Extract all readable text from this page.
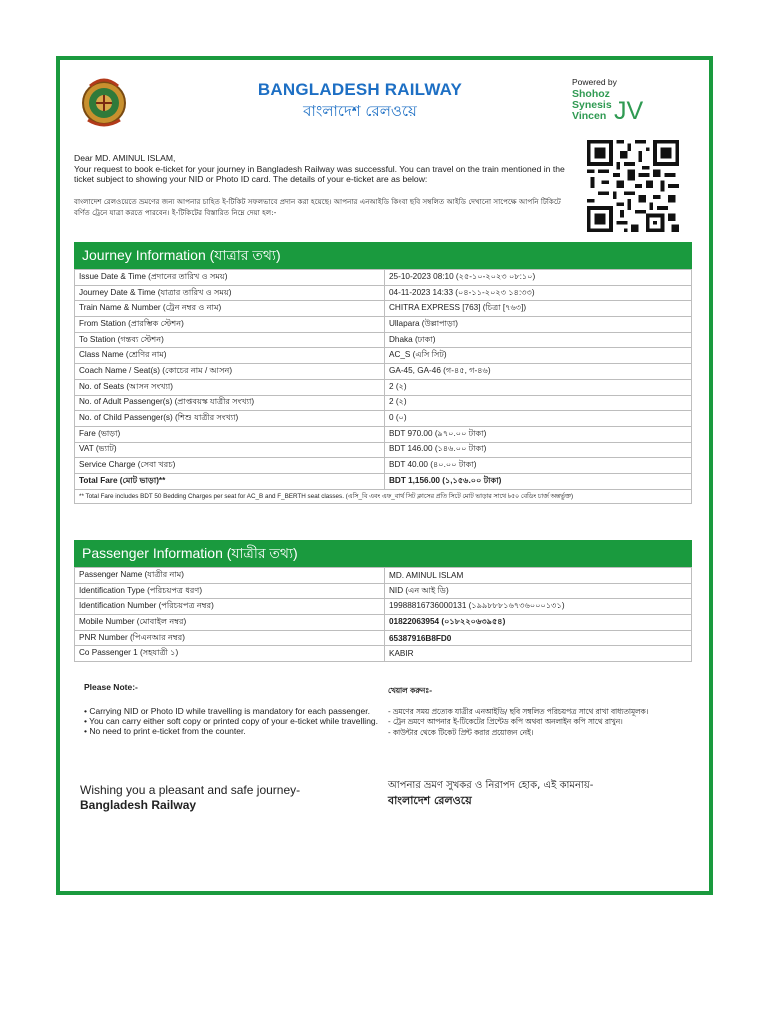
BANGLADESH RAILWAY
বাংলাদেশ রেলওয়ে
Powered by
Shohoz
Synesis
Vincen JV
Dear MD. AMINUL ISLAM,
Your request to book e-ticket for your journey in Bangladesh Railway was successful. You can travel on the train mentioned in the ticket subject to showing your NID or Photo ID card. The details of your e-ticket are as below:
বাংলাদেশ রেলওয়েতে ভ্রমণের জন্য আপনার চাহিত ই-টিকিট সফলভাবে প্রদান করা হয়েছে। আপনার এনআইডি কিংবা ছবি সম্বলিত আইডি দেখানো সাপেক্ষে আপনি টিকিটে বর্ণিত ট্রেনে যাত্রা করতে পারবেন। ই-টিকিটের বিস্তারিত নিম্নে দেয়া হল:-
Journey Information (যাত্রার তথ্য)
Issue Date & Time (প্রদানের তারিখ ও সময়)	25-10-2023 08:10 (২৫-১০-২০২৩ ০৮:১০)
Journey Date & Time (যাত্রার তারিখ ও সময়)	04-11-2023 14:33 (০৪-১১-২০২৩ ১৪:৩৩)
Train Name & Number (ট্রেন নম্বর ও নাম)	CHITRA EXPRESS [763] (চিত্রা [৭৬৩])
From Station (প্রারম্ভিক স্টেশন)	Ullapara (উল্লাপাড়া)
To Station (গন্তব্য স্টেশন)	Dhaka (ঢাকা)
Class Name (শ্রেণির নাম)	AC_S (এসি সিট)
Coach Name / Seat(s) (কোচের নাম / আসন)	GA-45, GA-46 (গ-৪৫, গ-৪৬)
No. of Seats (আসন সংখ্যা)	2 (২)
No. of Adult Passenger(s) (প্রাপ্তবয়স্ক যাত্রীর সংখ্যা)	2 (২)
No. of Child Passenger(s) (শিশু যাত্রীর সংখ্যা)	0 (০)
Fare (ভাড়া)	BDT 970.00 (৯৭০.০০ টাকা)
VAT (ভ্যাট)	BDT 146.00 (১৪৬.০০ টাকা)
Service Charge (সেবা খরচ)	BDT 40.00 (৪০.০০ টাকা)
Total Fare (মোট ভাড়া)**	BDT 1,156.00 (১,১৫৬.০০ টাকা)
** Total Fare includes BDT 50 Bedding Charges per seat for AC_B and F_BERTH seat classes. (এসি_বি এবং এফ_বার্থ সিট ক্লাসের প্রতি সিটে মোট ভাড়ার সাথে ৳৫০ বেডিং চার্জ অন্তর্ভুক্ত)
Passenger Information (যাত্রীর তথ্য)
Passenger Name (যাত্রীর নাম)	MD. AMINUL ISLAM
Identification Type (পরিচয়পত্র ধরণ)	NID (এন আই ডি)
Identification Number (পরিচয়পত্র নম্বর)	19988816736000131 (১৯৯৮৮৮১৬৭৩৬০০০১৩১)
Mobile Number (মোবাইল নম্বর)	01822063954 (০১৮২২০৬৩৯৫৪)
PNR Number (পিএনআর নম্বর)	65387916B8FD0
Co Passenger 1 (সহযাত্রী ১)	KABIR
Please Note:-
• Carrying NID or Photo ID while travelling is mandatory for each passenger.
• You can carry either soft copy or printed copy of your e-ticket while travelling.
• No need to print e-ticket from the counter.
খেয়াল করুনঃ-
- ভ্রমণের সময় প্রত্যেক যাত্রীর এনআইডি/ ছবি সম্বলিত পরিচয়পত্র সাথে রাখা বাধ্যতামূলক।
- ট্রেন ভ্রমণে আপনার ই-টিকেটের প্রিন্টেড কপি অথবা অনলাইন কপি সাথে রাখুন।
- কাউন্টার থেকে টিকেট প্রিন্ট করার প্রয়োজন নেই।
Wishing you a pleasant and safe journey-
Bangladesh Railway
আপনার ভ্রমণ সুখকর ও নিরাপদ হোক, এই কামনায়-
বাংলাদেশ রেলওয়ে
